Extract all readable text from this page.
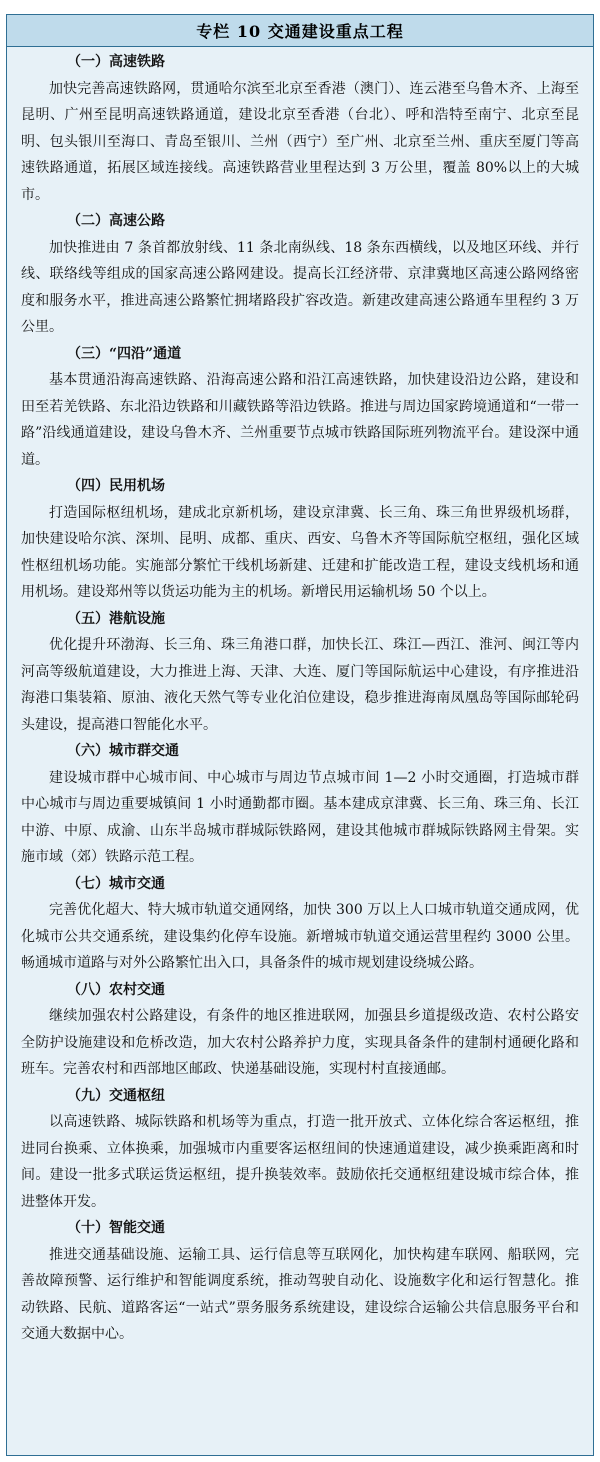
专栏 10 交通建设重点工程
（一）高速铁路

加快完善高速铁路网，贯通哈尔滨至北京至香港（澳门）、连云港至乌鲁木齐、上海至昆明、广州至昆明高速铁路通道，建设北京至香港（台北）、呼和浩特至南宁、北京至昆明、包头银川至海口、青岛至银川、兰州（西宁）至广州、北京至兰州、重庆至厦门等高速铁路通道，拓展区域连接线。高速铁路营业里程达到 3 万公里，覆盖 80%以上的大城市。

（二）高速公路

加快推进由 7 条首都放射线、11 条北南纵线、18 条东西横线，以及地区环线、并行线、联络线等组成的国家高速公路网建设。提高长江经济带、京津冀地区高速公路网络密度和服务水平，推进高速公路繁忙拥堵路段扩容改造。新建改建高速公路通车里程约 3 万公里。

（三）“四沿”通道

基本贯通沿海高速铁路、沿海高速公路和沿江高速铁路，加快建设沿边公路，建设和田至若羌铁路、东北沿边铁路和川藏铁路等沿边铁路。推进与周边国家跨境通道和“一带一路”沿线通道建设，建设乌鲁木齐、兰州重要节点城市铁路国际班列物流平台。建设深中通道。

（四）民用机场

打造国际枢纽机场，建成北京新机场，建设京津冀、长三角、珠三角世界级机场群，加快建设哈尔滨、深圳、昆明、成都、重庆、西安、乌鲁木齐等国际航空枢纽，强化区域性枢纽机场功能。实施部分繁忙干线机场新建、迁建和扩能改造工程，建设支线机场和通用机场。建设郑州等以货运功能为主的机场。新增民用运输机场 50 个以上。

（五）港航设施

优化提升环渤海、长三角、珠三角港口群，加快长江、珠江—西江、淮河、闽江等内河高等级航道建设，大力推进上海、天津、大连、厦门等国际航运中心建设，有序推进沿海港口集装箱、原油、液化天然气等专业化泊位建设，稳步推进海南凤凰岛等国际邮轮码头建设，提高港口智能化水平。

（六）城市群交通

建设城市群中心城市间、中心城市与周边节点城市间 1—2 小时交通圈，打造城市群中心城市与周边重要城镇间 1 小时通勤都市圈。基本建成京津冀、长三角、珠三角、长江中游、中原、成渝、山东半岛城市群城际铁路网，建设其他城市群城际铁路网主骨架。实施市域（郊）铁路示范工程。

（七）城市交通

完善优化超大、特大城市轨道交通网络，加快 300 万以上人口城市轨道交通成网，优化城市公共交通系统，建设集约化停车设施。新增城市轨道交通运营里程约 3000 公里。畅通城市道路与对外公路繁忙出入口，具备条件的城市规划建设绕城公路。

（八）农村交通

继续加强农村公路建设，有条件的地区推进联网，加强县乡道提级改造、农村公路安全防护设施建设和危桥改造，加大农村公路养护力度，实现具备条件的建制村通硬化路和班车。完善农村和西部地区邮政、快递基础设施，实现村村直接通邮。

（九）交通枢纽

以高速铁路、城际铁路和机场等为重点，打造一批开放式、立体化综合客运枢纽，推进同台换乘、立体换乘，加强城市内重要客运枢纽间的快速通道建设，减少换乘距离和时间。建设一批多式联运货运枢纽，提升换装效率。鼓励依托交通枢纽建设城市综合体，推进整体开发。

（十）智能交通

推进交通基础设施、运输工具、运行信息等互联网化，加快构建车联网、船联网，完善故障预警、运行维护和智能调度系统，推动驾驶自动化、设施数字化和运行智慧化。推动铁路、民航、道路客运“一站式”票务服务系统建设，建设综合运输公共信息服务平台和交通大数据中心。
